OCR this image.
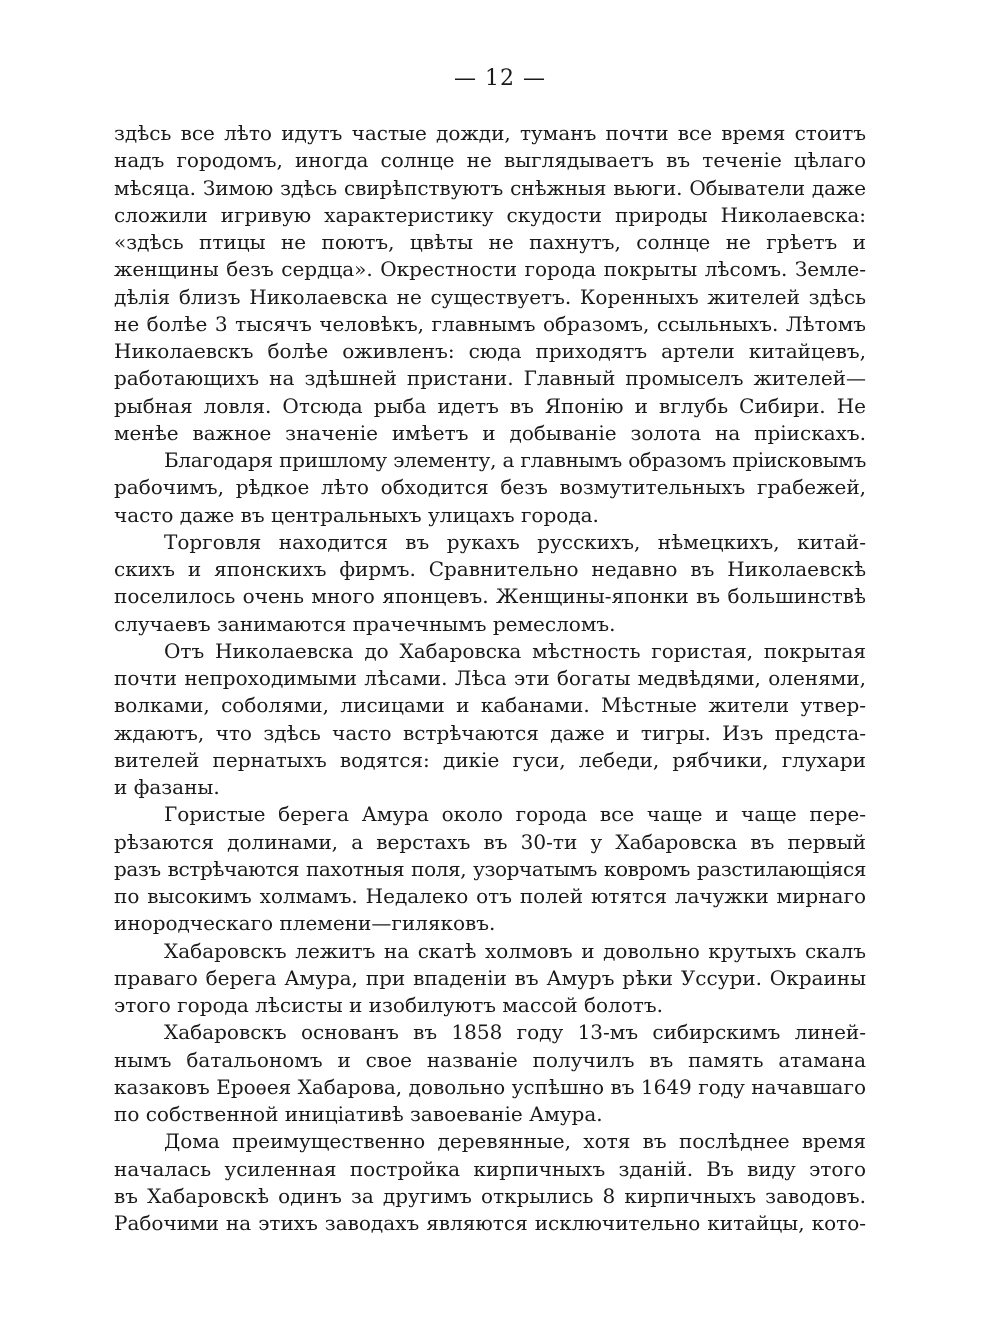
— 12 —
здѣсь все лѣто идутъ частые дожди, туманъ почти все время стоитъ
надъ городомъ, иногда солнце не выглядываетъ въ теченіе цѣлаго
мѣсяца. Зимою здѣсь свирѣпствуютъ снѣжныя вьюги. Обыватели даже
сложили игривую характеристику скудости природы Николаевска:
«здѣсь птицы не поютъ, цвѣты не пахнутъ, солнце не грѣетъ и
женщины безъ сердца». Окрестности города покрыты лѣсомъ. Земле-
дѣлія близъ Николаевска не существуетъ. Коренныхъ жителей здѣсь
не болѣе 3 тысячъ человѣкъ, главнымъ образомъ, ссыльныхъ. Лѣтомъ
Николаевскъ болѣе оживленъ: сюда приходятъ артели китайцевъ,
работающихъ на здѣшней пристани. Главный промыселъ жителей—
рыбная ловля. Отсюда рыба идетъ въ Японію и вглубь Сибири. Не
менѣе важное значеніе имѣетъ и добываніе золота на пріискахъ.
Благодаря пришлому элементу, а главнымъ образомъ пріисковымъ
рабочимъ, рѣдкое лѣто обходится безъ возмутительныхъ грабежей,
часто даже въ центральныхъ улицахъ города.
Торговля находится въ рукахъ русскихъ, нѣмецкихъ, китай-
скихъ и японскихъ фирмъ. Сравнительно недавно въ Николаевскѣ
поселилось очень много японцевъ. Женщины-японки въ большинствѣ
случаевъ занимаются прачечнымъ ремесломъ.
Отъ Николаевска до Хабаровска мѣстность гористая, покрытая
почти непроходимыми лѣсами. Лѣса эти богаты медвѣдями, оленями,
волками, соболями, лисицами и кабанами. Мѣстные жители утвер-
ждаютъ, что здѣсь часто встрѣчаются даже и тигры. Изъ предста-
вителей пернатыхъ водятся: дикіе гуси, лебеди, рябчики, глухари
и фазаны.
Гористые берега Амура около города все чаще и чаще пере-
рѣзаются долинами, а верстахъ въ 30-ти у Хабаровска въ первый
разъ встрѣчаются пахотныя поля, узорчатымъ ковромъ разстилающіяся
по высокимъ холмамъ. Недалеко отъ полей ютятся лачужки мирнаго
инородческаго племени—гиляковъ.
Хабаровскъ лежитъ на скатѣ холмовъ и довольно крутыхъ скалъ
праваго берега Амура, при впаденіи въ Амуръ рѣки Уссури. Окраины
этого города лѣсисты и изобилуютъ массой болотъ.
Хабаровскъ основанъ въ 1858 году 13-мъ сибирскимъ линей-
нымъ батальономъ и свое названіе получилъ въ память атамана
казаковъ Ероѳея Хабарова, довольно успѣшно въ 1649 году начавшаго
по собственной иниціативѣ завоеваніе Амура.
Дома преимущественно деревянные, хотя въ послѣднее время
началась усиленная постройка кирпичныхъ зданій. Въ виду этого
въ Хабаровскѣ одинъ за другимъ открылись 8 кирпичныхъ заводовъ.
Рабочими на этихъ заводахъ являются исключительно китайцы, кото-
